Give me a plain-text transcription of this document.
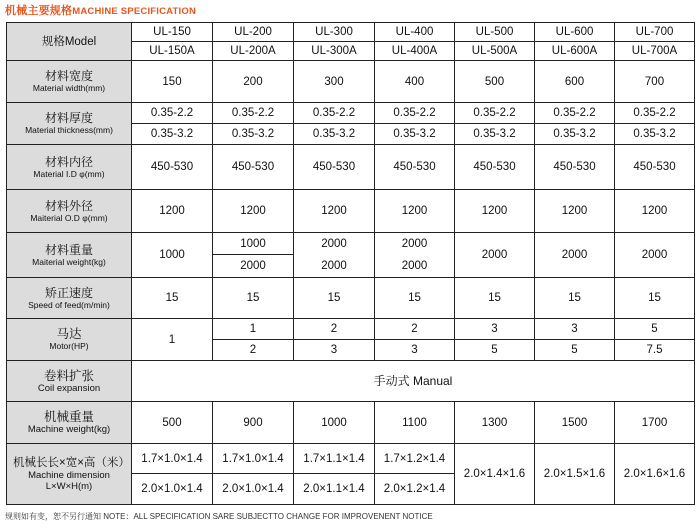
机械主要规格MACHINE SPECIFICATION
规格Model	UL-150	UL-200	UL-300	UL-400	UL-500	UL-600	UL-700
	UL-150A	UL-200A	UL-300A	UL-400A	UL-500A	UL-600A	UL-700A

材料宽度
Material width(mm)	150	200	300	400	500	600	700

材料厚度
Material thickness(mm)	0.35-2.2	0.35-2.2	0.35-2.2	0.35-2.2	0.35-2.2	0.35-2.2	0.35-2.2
	0.35-3.2	0.35-3.2	0.35-3.2	0.35-3.2	0.35-3.2	0.35-3.2	0.35-3.2

材料内径
Material I.D φ(mm)	450-530	450-530	450-530	450-530	450-530	450-530	450-530

材料外径
Maiterial O.D φ(mm)	1200	1200	1200	1200	1200	1200	1200

材料重量
Maiterial weight(kg)	1000	1000	2000	2000	2000	2000	2000
		2000	2000	2000			

矫正速度
Speed of feed(m/min)	15	15	15	15	15	15	15

马达
Motor(HP)	1	1	2	2	3	3	5
		2	3	3	5	5	7.5

卷料扩张
Coil expansion	手动式 Manual						

机械重量
Machine weight(kg)	500	900	1000	1100	1300	1500	1700

机械长长×宽×高（米）
Machine dimension
L×W×H(m)	1.7×1.0×1.4	1.7×1.0×1.4	1.7×1.1×1.4	1.7×1.2×1.4	2.0×1.4×1.6	2.0×1.5×1.6	2.0×1.6×1.6
	2.0×1.0×1.4	2.0×1.0×1.4	2.0×1.1×1.4	2.0×1.2×1.4			
规则如有变，恕不另行通知 NOTE：ALL SPECIFICATION SARE SUBJECTTO CHANGE FOR IMPROVENENT NOTICE
